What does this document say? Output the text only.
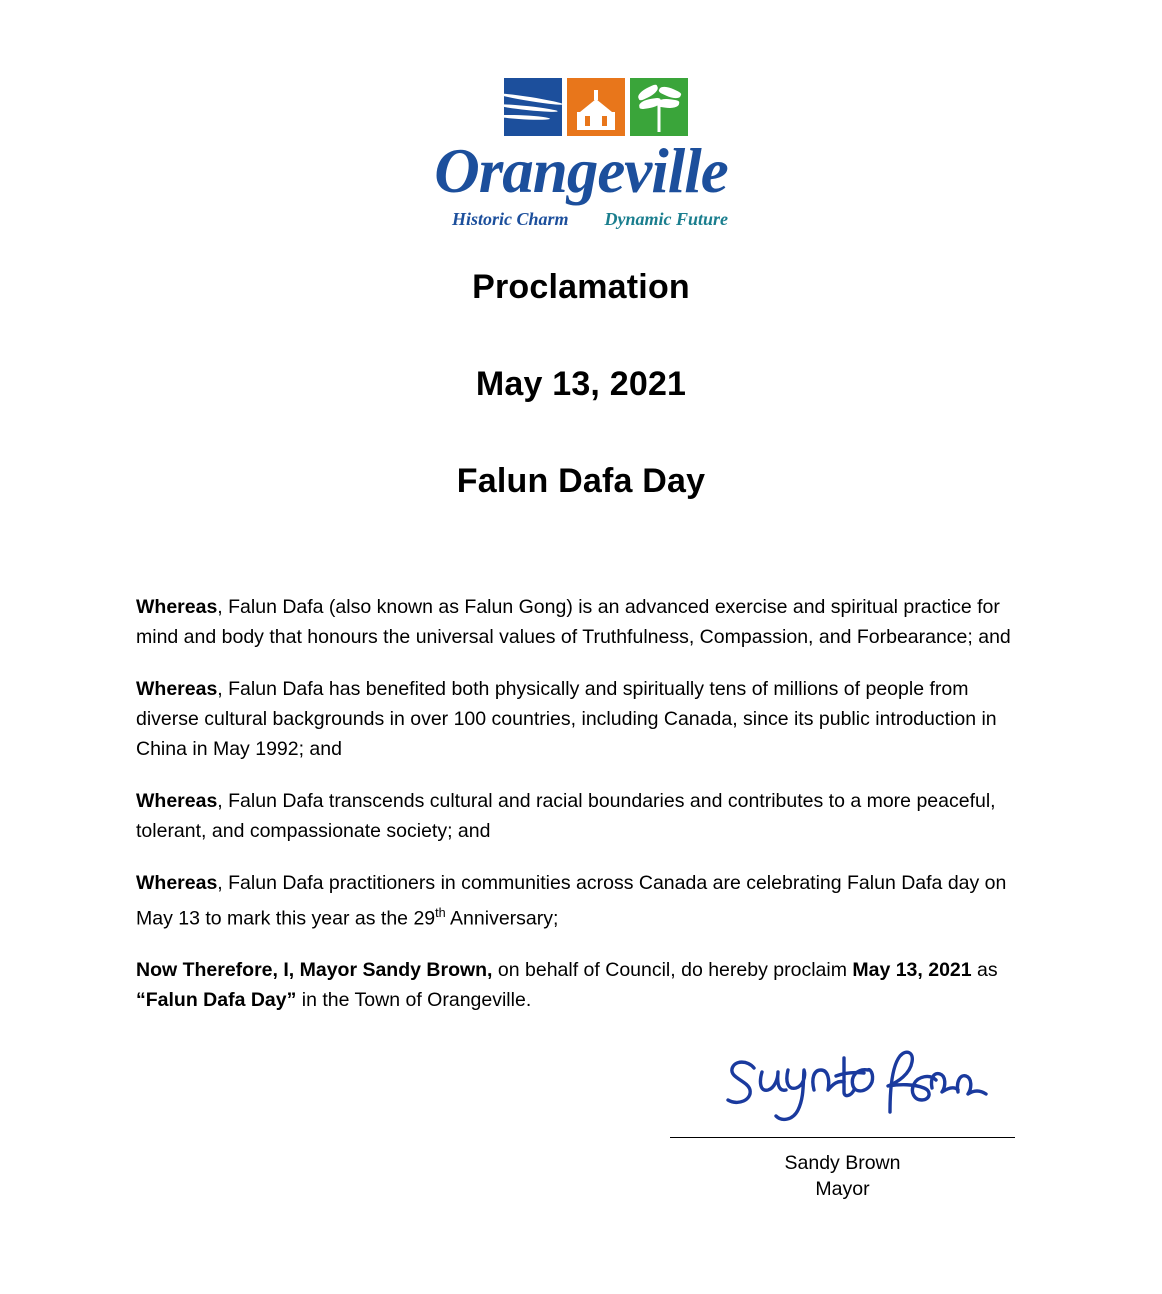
Orangeville
Historic Charm Dynamic Future
Proclamation
May 13, 2021
Falun Dafa Day

Whereas, Falun Dafa (also known as Falun Gong) is an advanced exercise and spiritual practice for mind and body that honours the universal values of Truthfulness, Compassion, and Forbearance; and

Whereas, Falun Dafa has benefited both physically and spiritually tens of millions of people from diverse cultural backgrounds in over 100 countries, including Canada, since its public introduction in China in May 1992; and

Whereas, Falun Dafa transcends cultural and racial boundaries and contributes to a more peaceful, tolerant, and compassionate society; and

Whereas, Falun Dafa practitioners in communities across Canada are celebrating Falun Dafa day on May 13 to mark this year as the 29th Anniversary;

Now Therefore, I, Mayor Sandy Brown, on behalf of Council, do hereby proclaim May 13, 2021 as “Falun Dafa Day” in the Town of Orangeville.

Sandy Brown
Mayor
